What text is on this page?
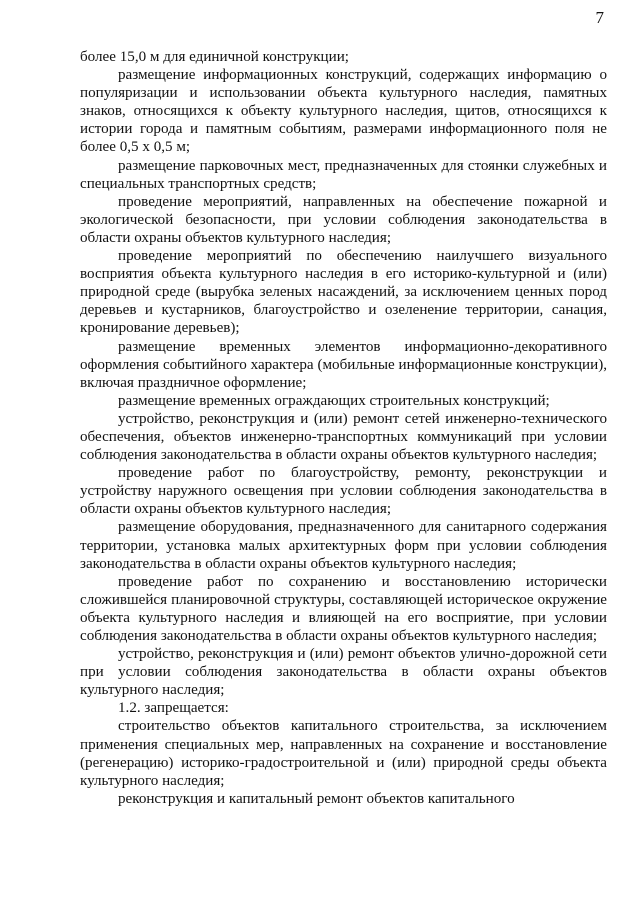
7

более 15,0 м для единичной конструкции;

размещение информационных конструкций, содержащих информацию о популяризации и использовании объекта культурного наследия, памятных знаков, относящихся к объекту культурного наследия, щитов, относящихся к истории города и памятным событиям, размерами информационного поля не более 0,5 х 0,5 м;

размещение парковочных мест, предназначенных для стоянки служебных и специальных транспортных средств;

проведение мероприятий, направленных на обеспечение пожарной и экологической безопасности, при условии соблюдения законодательства в области охраны объектов культурного наследия;

проведение мероприятий по обеспечению наилучшего визуального восприятия объекта культурного наследия в его историко-культурной и (или) природной среде (вырубка зеленых насаждений, за исключением ценных пород деревьев и кустарников, благоустройство и озеленение территории, санация, кронирование деревьев);

размещение временных элементов информационно-декоративного оформления событийного характера (мобильные информационные конструкции), включая праздничное оформление;

размещение временных ограждающих строительных конструкций;

устройство, реконструкция и (или) ремонт сетей инженерно-технического обеспечения, объектов инженерно-транспортных коммуникаций при условии соблюдения законодательства в области охраны объектов культурного наследия;

проведение работ по благоустройству, ремонту, реконструкции и устройству наружного освещения при условии соблюдения законодательства в области охраны объектов культурного наследия;

размещение оборудования, предназначенного для санитарного содержания территории, установка малых архитектурных форм при условии соблюдения законодательства в области охраны объектов культурного наследия;

проведение работ по сохранению и восстановлению исторически сложившейся планировочной структуры, составляющей историческое окружение объекта культурного наследия и влияющей на его восприятие, при условии соблюдения законодательства в области охраны объектов культурного наследия;

устройство, реконструкция и (или) ремонт объектов улично-дорожной сети при условии соблюдения законодательства в области охраны объектов культурного наследия;

1.2. запрещается:

строительство объектов капитального строительства, за исключением применения специальных мер, направленных на сохранение и восстановление (регенерацию) историко-градостроительной и (или) природной среды объекта культурного наследия;

реконструкция и капитальный ремонт объектов капитального
